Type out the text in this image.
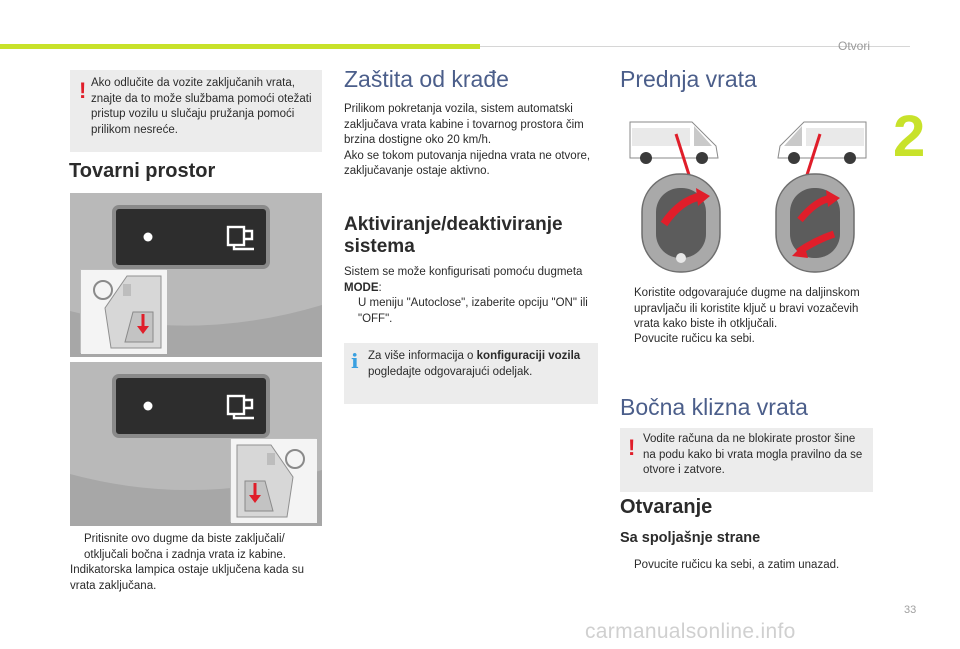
Otvori
2
! Ako odlučite da vozite zaključanih vrata, znajte da to može službama pomoći otežati pristup vozilu u slučaju pružanja pomoći prilikom nesreće.
Tovarni prostor
Pritisnite ovo dugme da biste zaključali/ otključali bočna i zadnja vrata iz kabine.
Indikatorska lampica ostaje uključena kada su vrata zaključana.
Zaštita od krađe
Prilikom pokretanja vozila, sistem automatski zaključava vrata kabine i tovarnog prostora čim brzina dostigne oko 20 km/h.
Ako se tokom putovanja nijedna vrata ne otvore, zaključavanje ostaje aktivno.
Aktiviranje/deaktiviranje sistema
Sistem se može konfigurisati pomoću dugmeta MODE:
U meniju "Autoclose", izaberite opciju "ON" ili "OFF".
i Za više informacija o konfiguraciji vozila pogledajte odgovarajući odeljak.
Prednja vrata
Koristite odgovarajuće dugme na daljinskom upravljaču ili koristite ključ u bravi vozačevih vrata kako biste ih otključali.
Povucite ručicu ka sebi.
Bočna klizna vrata
! Vodite računa da ne blokirate prostor šine na podu kako bi vrata mogla pravilno da se otvore i zatvore.
Otvaranje
Sa spoljašnje strane
Povucite ručicu ka sebi, a zatim unazad.
33
carmanualsonline.info
